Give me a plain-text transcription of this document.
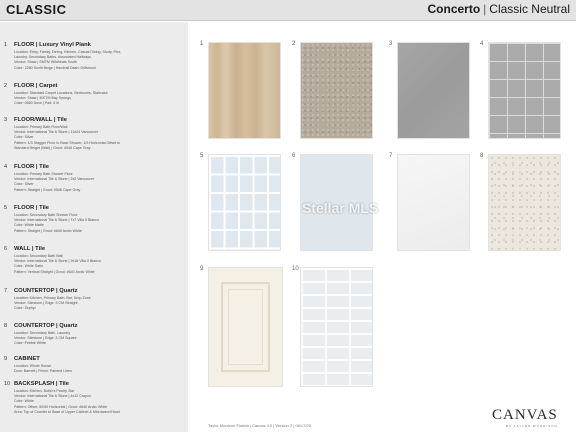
CLASSIC	Concerto | Classic Neutral
1 FLOOR | Luxury Vinyl Plank
Location: Entry, Family, Dining, Kitchen, Casual Dining, Study, Flex,
Laundry, Secondary Baths, Associated Hallways
Vendor: Shaw | SMTM Wildheats South
Color: 2280 Sunlit Beige | Handrail Dash: Driftwood
2 FLOOR | Carpet
Location: Standard Carpet Locations, Bedrooms, Staircase
Vendor: Shaw | 300TM Bay Springs
Color: 0660 Dove | Pad: 6 lb
3 FLOOR/WALL | Tile
Location: Primary Bath Floor/Wall
Vendor: International Tile & Stone | 12x24 Vancouver
Color: Silver
Pattern: 1/3 Stagger Floor to Back Shower, 1/3 Horizontal Offset to
Standard Height (Wall) | Grout: #546 Cape Gray
4 FLOOR | Tile
Location: Primary Bath Shower Floor
Vendor: International Tile & Stone | 2x2 Vancouver
Color: Silver
Pattern: Straight | Grout: #546 Cape Gray
5 FLOOR | Tile
Location: Secondary Bath Shower Floor
Vendor: International Tile & Stone | 7x7 Villa II Bianco
Color: White Matte
Pattern: Straight | Grout: #640 Arctic White
6 WALL | Tile
Location: Secondary Bath Wall
Vendor: International Tile & Stone | 9x16 Villa II Bianco
Color: White Satin
Pattern: Vertical Straight | Grout: #640 Arctic White
7 COUNTERTOP | Quartz
Location: Kitchen, Primary Bath, Bar, Drop Zone
Vendor: Silestone | Edge: 3 CM Straight
Color: Zephyr
8 COUNTERTOP | Quartz
Location: Secondary Bath, Laundry
Vendor: Silestone | Edge: 3 CM Square
Color: Pebble White
9 CABINET
Location: Whole House
Door: Barnett | Finish: Painted Linen
10 BACKSPLASH | Tile
Location: Kitchen, Butler's Pantry, Bar
Vendor: International Tile & Stone | 4x12 Crayon
Color: White
Pattern: Offset, 50/50 Horizontal | Grout: #640 Arctic White
Area: Top of Counter to Base of Upper Cabinet & Microwave/Hood
1	2	3	4
5	6	7	8
9	10
Stellar MLS
Taylor Morrison Florida | Canvas 4.0 | Version 2 | 06/17/25
CANVAS
BY TAYLOR MORRISON
